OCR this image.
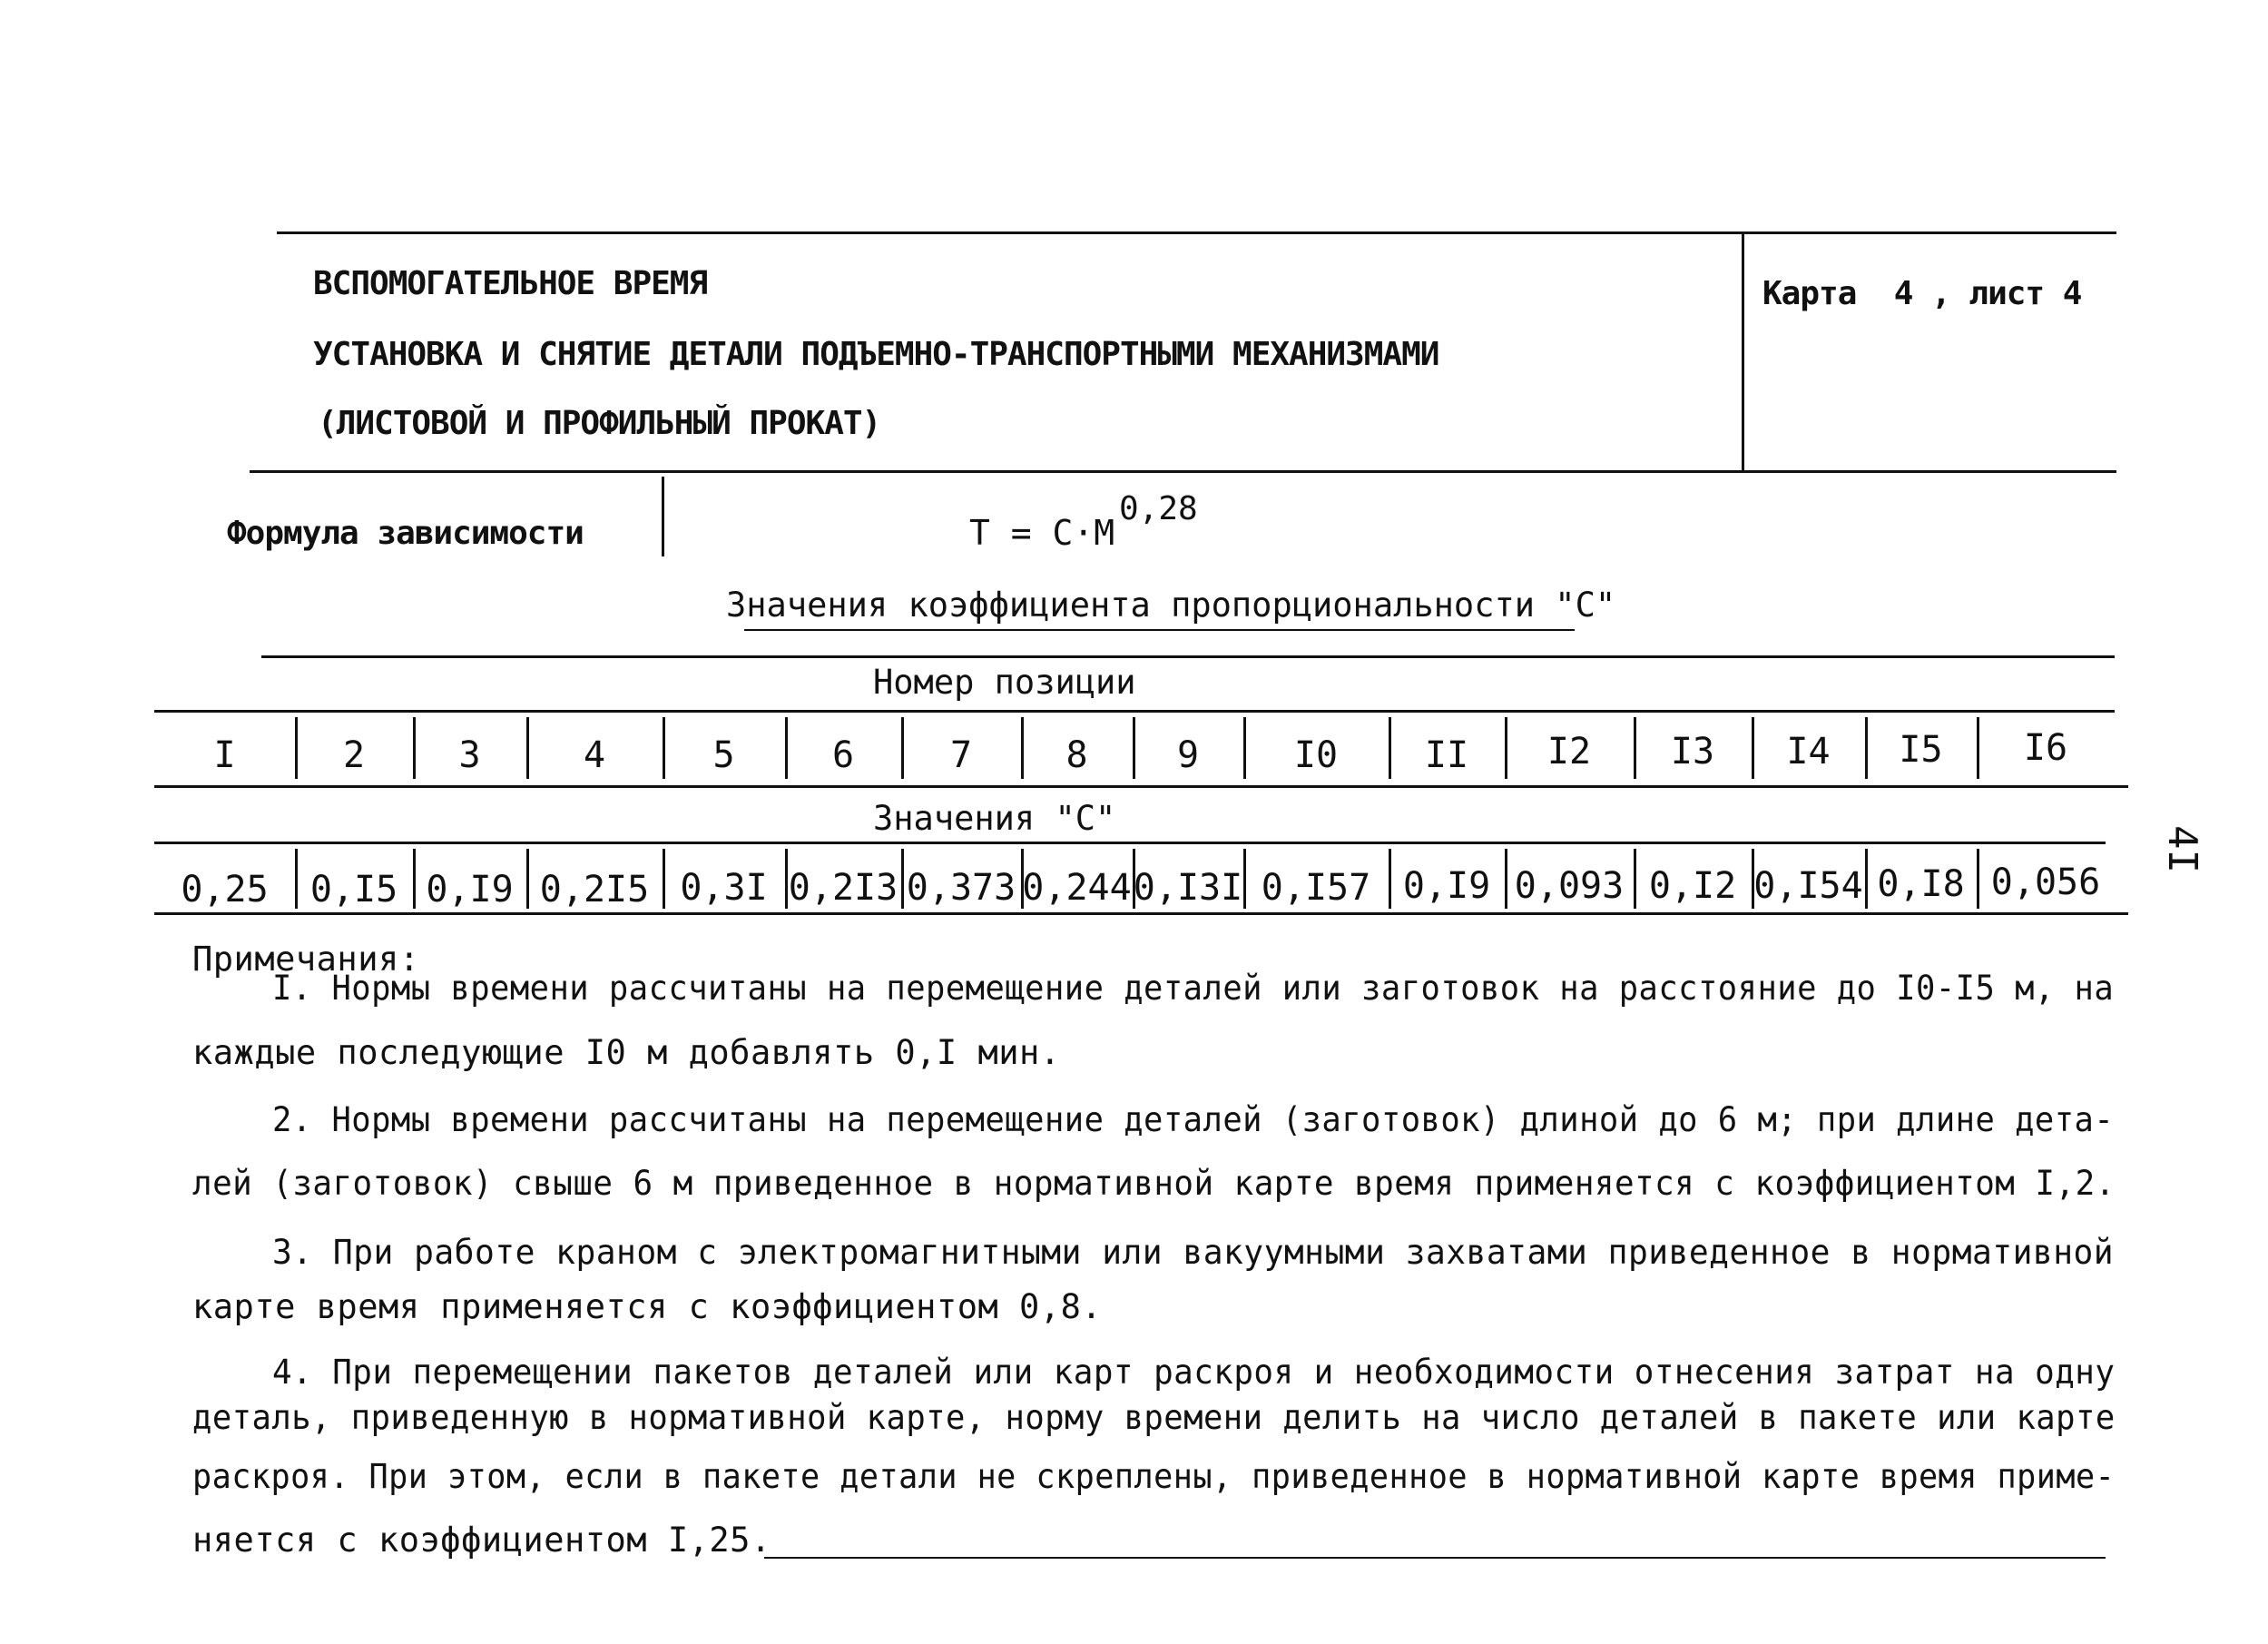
ВСПОМОГАТЕЛЬНОЕ ВРЕМЯ
УСТАНОВКА И СНЯТИЕ ДЕТАЛИ ПОДЪЕМНО-ТРАНСПОРТНЫМИ МЕХАНИЗМАМИ
(ЛИСТОВОЙ И ПРОФИЛЬНЫЙ ПРОКАТ)
Карта  4 , лист 4
Формула зависимости	T = C·M
0,28
Значения коэффициента пропорциональности "С"
Номер позиции
Значения "С"
I	2	3	4	5	6	7	8	9	I0	II	I2	I3	I4	I5	I6
0,25	0,I5 0,I9 0,2I5 0,3I 0,2I3 0,373 0,244 0,I3I 0,I57 0,I9 0,093 0,I2 0,I54 0,I8 0,056
4I
Примечания:
I. Нормы времени рассчитаны на перемещение деталей или заготовок на расстояние до I0-I5 м, на
каждые последующие I0 м добавлять 0,I мин.
2. Нормы времени рассчитаны на перемещение деталей (заготовок) длиной до 6 м; при длине дета-
лей (заготовок) свыше 6 м приведенное в нормативной карте время применяется с коэффициентом I,2.
3. При работе краном с электромагнитными или вакуумными захватами приведенное в нормативной
карте время применяется с коэффициентом 0,8.
4. При перемещении пакетов деталей или карт раскроя и необходимости отнесения затрат на одну
деталь, приведенную в нормативной карте, норму времени делить на число деталей в пакете или карте
раскроя. При этом, если в пакете детали не скреплены, приведенное в нормативной карте время приме-
няется с коэффициентом I,25.
